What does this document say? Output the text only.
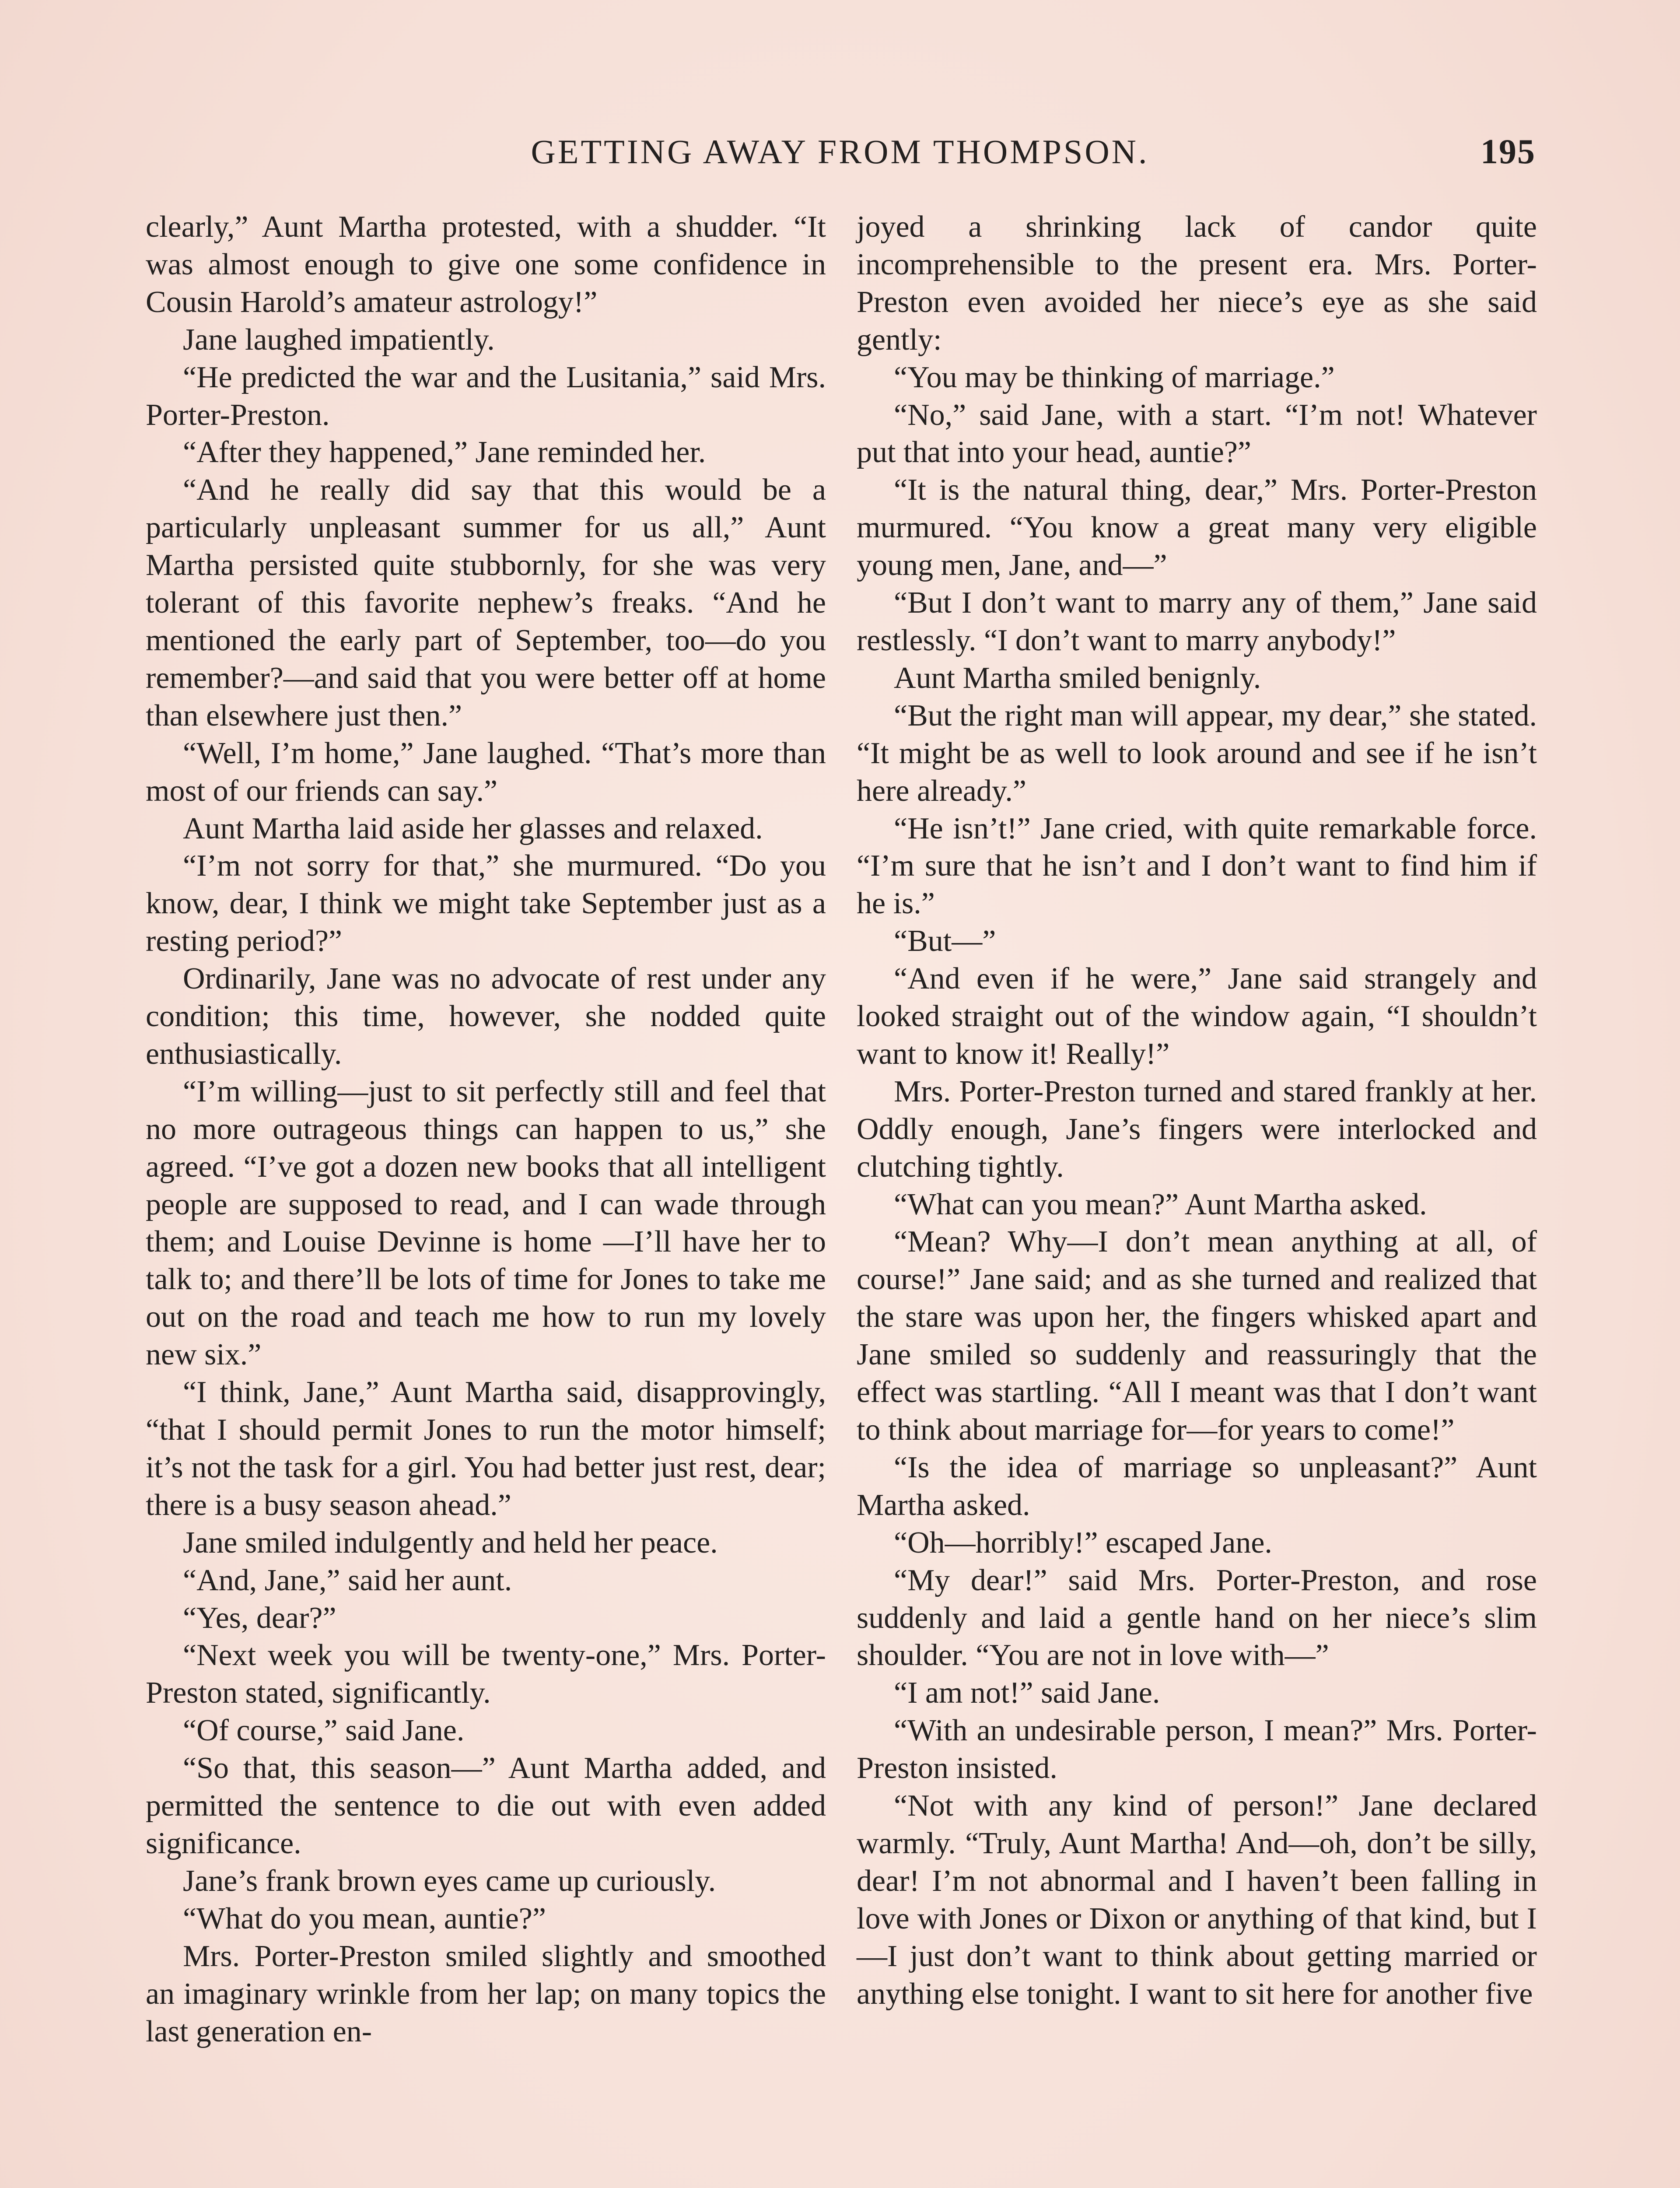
GETTING AWAY FROM THOMPSON.	195

clearly,” Aunt Martha protested, with a shudder. “It was almost enough to give one some confidence in Cousin Harold’s amateur astrology!”

Jane laughed impatiently.

“He predicted the war and the Lusitania,” said Mrs. Porter-Preston.

“After they happened,” Jane reminded her.

“And he really did say that this would be a particularly unpleasant summer for us all,” Aunt Martha persisted quite stubbornly, for she was very tolerant of this favorite nephew’s freaks. “And he mentioned the early part of September, too—do you remember?—and said that you were better off at home than elsewhere just then.”

“Well, I’m home,” Jane laughed. “That’s more than most of our friends can say.”

Aunt Martha laid aside her glasses and relaxed.

“I’m not sorry for that,” she murmured. “Do you know, dear, I think we might take September just as a resting period?”

Ordinarily, Jane was no advocate of rest under any condition; this time, however, she nodded quite enthusiastically.

“I’m willing—just to sit perfectly still and feel that no more outrageous things can happen to us,” she agreed. “I’ve got a dozen new books that all intelligent people are supposed to read, and I can wade through them; and Louise Devinne is home —I’ll have her to talk to; and there’ll be lots of time for Jones to take me out on the road and teach me how to run my lovely new six.”

“I think, Jane,” Aunt Martha said, disapprovingly, “that I should permit Jones to run the motor himself; it’s not the task for a girl. You had better just rest, dear; there is a busy season ahead.”

Jane smiled indulgently and held her peace.

“And, Jane,” said her aunt.

“Yes, dear?”

“Next week you will be twenty-one,” Mrs. Porter-Preston stated, significantly.

“Of course,” said Jane.

“So that, this season—” Aunt Martha added, and permitted the sentence to die out with even added significance.

Jane’s frank brown eyes came up curiously.

“What do you mean, auntie?”

Mrs. Porter-Preston smiled slightly and smoothed an imaginary wrinkle from her lap; on many topics the last generation en-

joyed a shrinking lack of candor quite incomprehensible to the present era. Mrs. Porter-Preston even avoided her niece’s eye as she said gently:

“You may be thinking of marriage.”

“No,” said Jane, with a start. “I’m not! Whatever put that into your head, auntie?”

“It is the natural thing, dear,” Mrs. Porter-Preston murmured. “You know a great many very eligible young men, Jane, and—”

“But I don’t want to marry any of them,” Jane said restlessly. “I don’t want to marry anybody!”

Aunt Martha smiled benignly.

“But the right man will appear, my dear,” she stated. “It might be as well to look around and see if he isn’t here already.”

“He isn’t!” Jane cried, with quite remarkable force. “I’m sure that he isn’t and I don’t want to find him if he is.”

“But—”

“And even if he were,” Jane said strangely and looked straight out of the window again, “I shouldn’t want to know it! Really!”

Mrs. Porter-Preston turned and stared frankly at her. Oddly enough, Jane’s fingers were interlocked and clutching tightly.

“What can you mean?” Aunt Martha asked.

“Mean? Why—I don’t mean anything at all, of course!” Jane said; and as she turned and realized that the stare was upon her, the fingers whisked apart and Jane smiled so suddenly and reassuringly that the effect was startling. “All I meant was that I don’t want to think about marriage for—for years to come!”

“Is the idea of marriage so unpleasant?” Aunt Martha asked.

“Oh—horribly!” escaped Jane.

“My dear!” said Mrs. Porter-Preston, and rose suddenly and laid a gentle hand on her niece’s slim shoulder. “You are not in love with—”

“I am not!” said Jane.

“With an undesirable person, I mean?” Mrs. Porter-Preston insisted.

“Not with any kind of person!” Jane declared warmly. “Truly, Aunt Martha! And—oh, don’t be silly, dear! I’m not abnormal and I haven’t been falling in love with Jones or Dixon or anything of that kind, but I—I just don’t want to think about getting married or anything else tonight. I want to sit here for another five
